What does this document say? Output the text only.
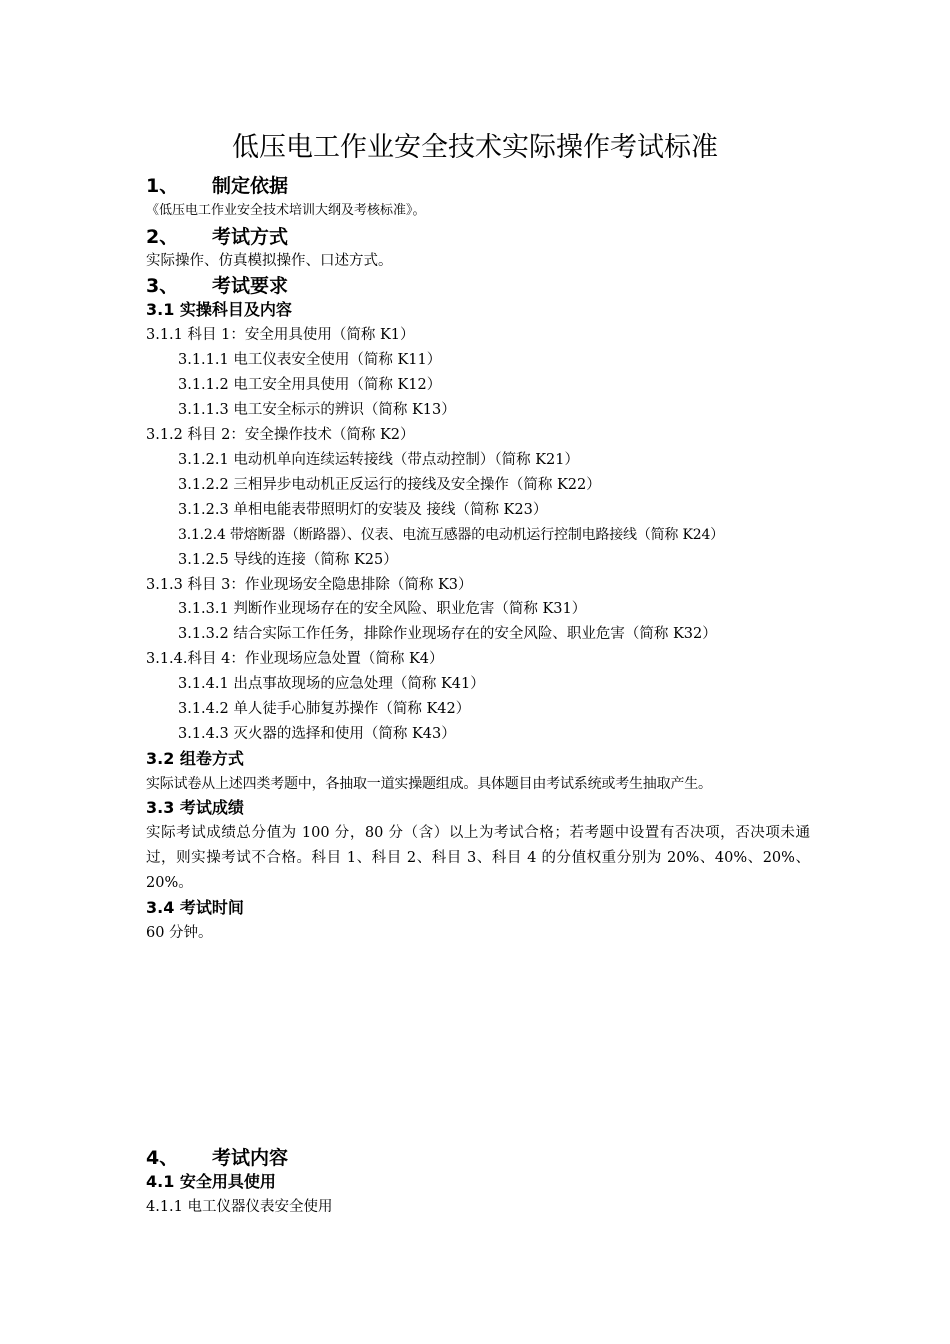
低压电工作业安全技术实际操作考试标准
1、 制定依据
《低压电工作业安全技术培训大纲及考核标准》。
2、 考试方式
实际操作、仿真模拟操作、口述方式。
3、 考试要求
3.1 实操科目及内容
3.1.1 科目 1：安全用具使用（简称 K1）
3.1.1.1 电工仪表安全使用（简称 K11）
3.1.1.2 电工安全用具使用（简称 K12）
3.1.1.3 电工安全标示的辨识（简称 K13）
3.1.2 科目 2：安全操作技术（简称 K2）
3.1.2.1 电动机单向连续运转接线（带点动控制）（简称 K21）
3.1.2.2 三相异步电动机正反运行的接线及安全操作（简称 K22）
3.1.2.3 单相电能表带照明灯的安装及 接线（简称 K23）
3.1.2.4 带熔断器（断路器）、仪表、电流互感器的电动机运行控制电路接线（简称 K24）
3.1.2.5 导线的连接（简称 K25）
3.1.3 科目 3：作业现场安全隐患排除（简称 K3）
3.1.3.1 判断作业现场存在的安全风险、职业危害（简称 K31）
3.1.3.2 结合实际工作任务，排除作业现场存在的安全风险、职业危害（简称 K32）
3.1.4.科目 4：作业现场应急处置（简称 K4）
3.1.4.1 出点事故现场的应急处理（简称 K41）
3.1.4.2 单人徒手心肺复苏操作（简称 K42）
3.1.4.3 灭火器的选择和使用（简称 K43）
3.2 组卷方式
实际试卷从上述四类考题中，各抽取一道实操题组成。具体题目由考试系统或考生抽取产生。
3.3 考试成绩
实际考试成绩总分值为 100 分，80 分（含）以上为考试合格；若考题中设置有否决项，否决项未通过，则实操考试不合格。科目 1、科目 2、科目 3、科目 4 的分值权重分别为 20%、40%、20%、20%。
3.4 考试时间
60 分钟。
4、 考试内容
4.1 安全用具使用
4.1.1 电工仪器仪表安全使用
